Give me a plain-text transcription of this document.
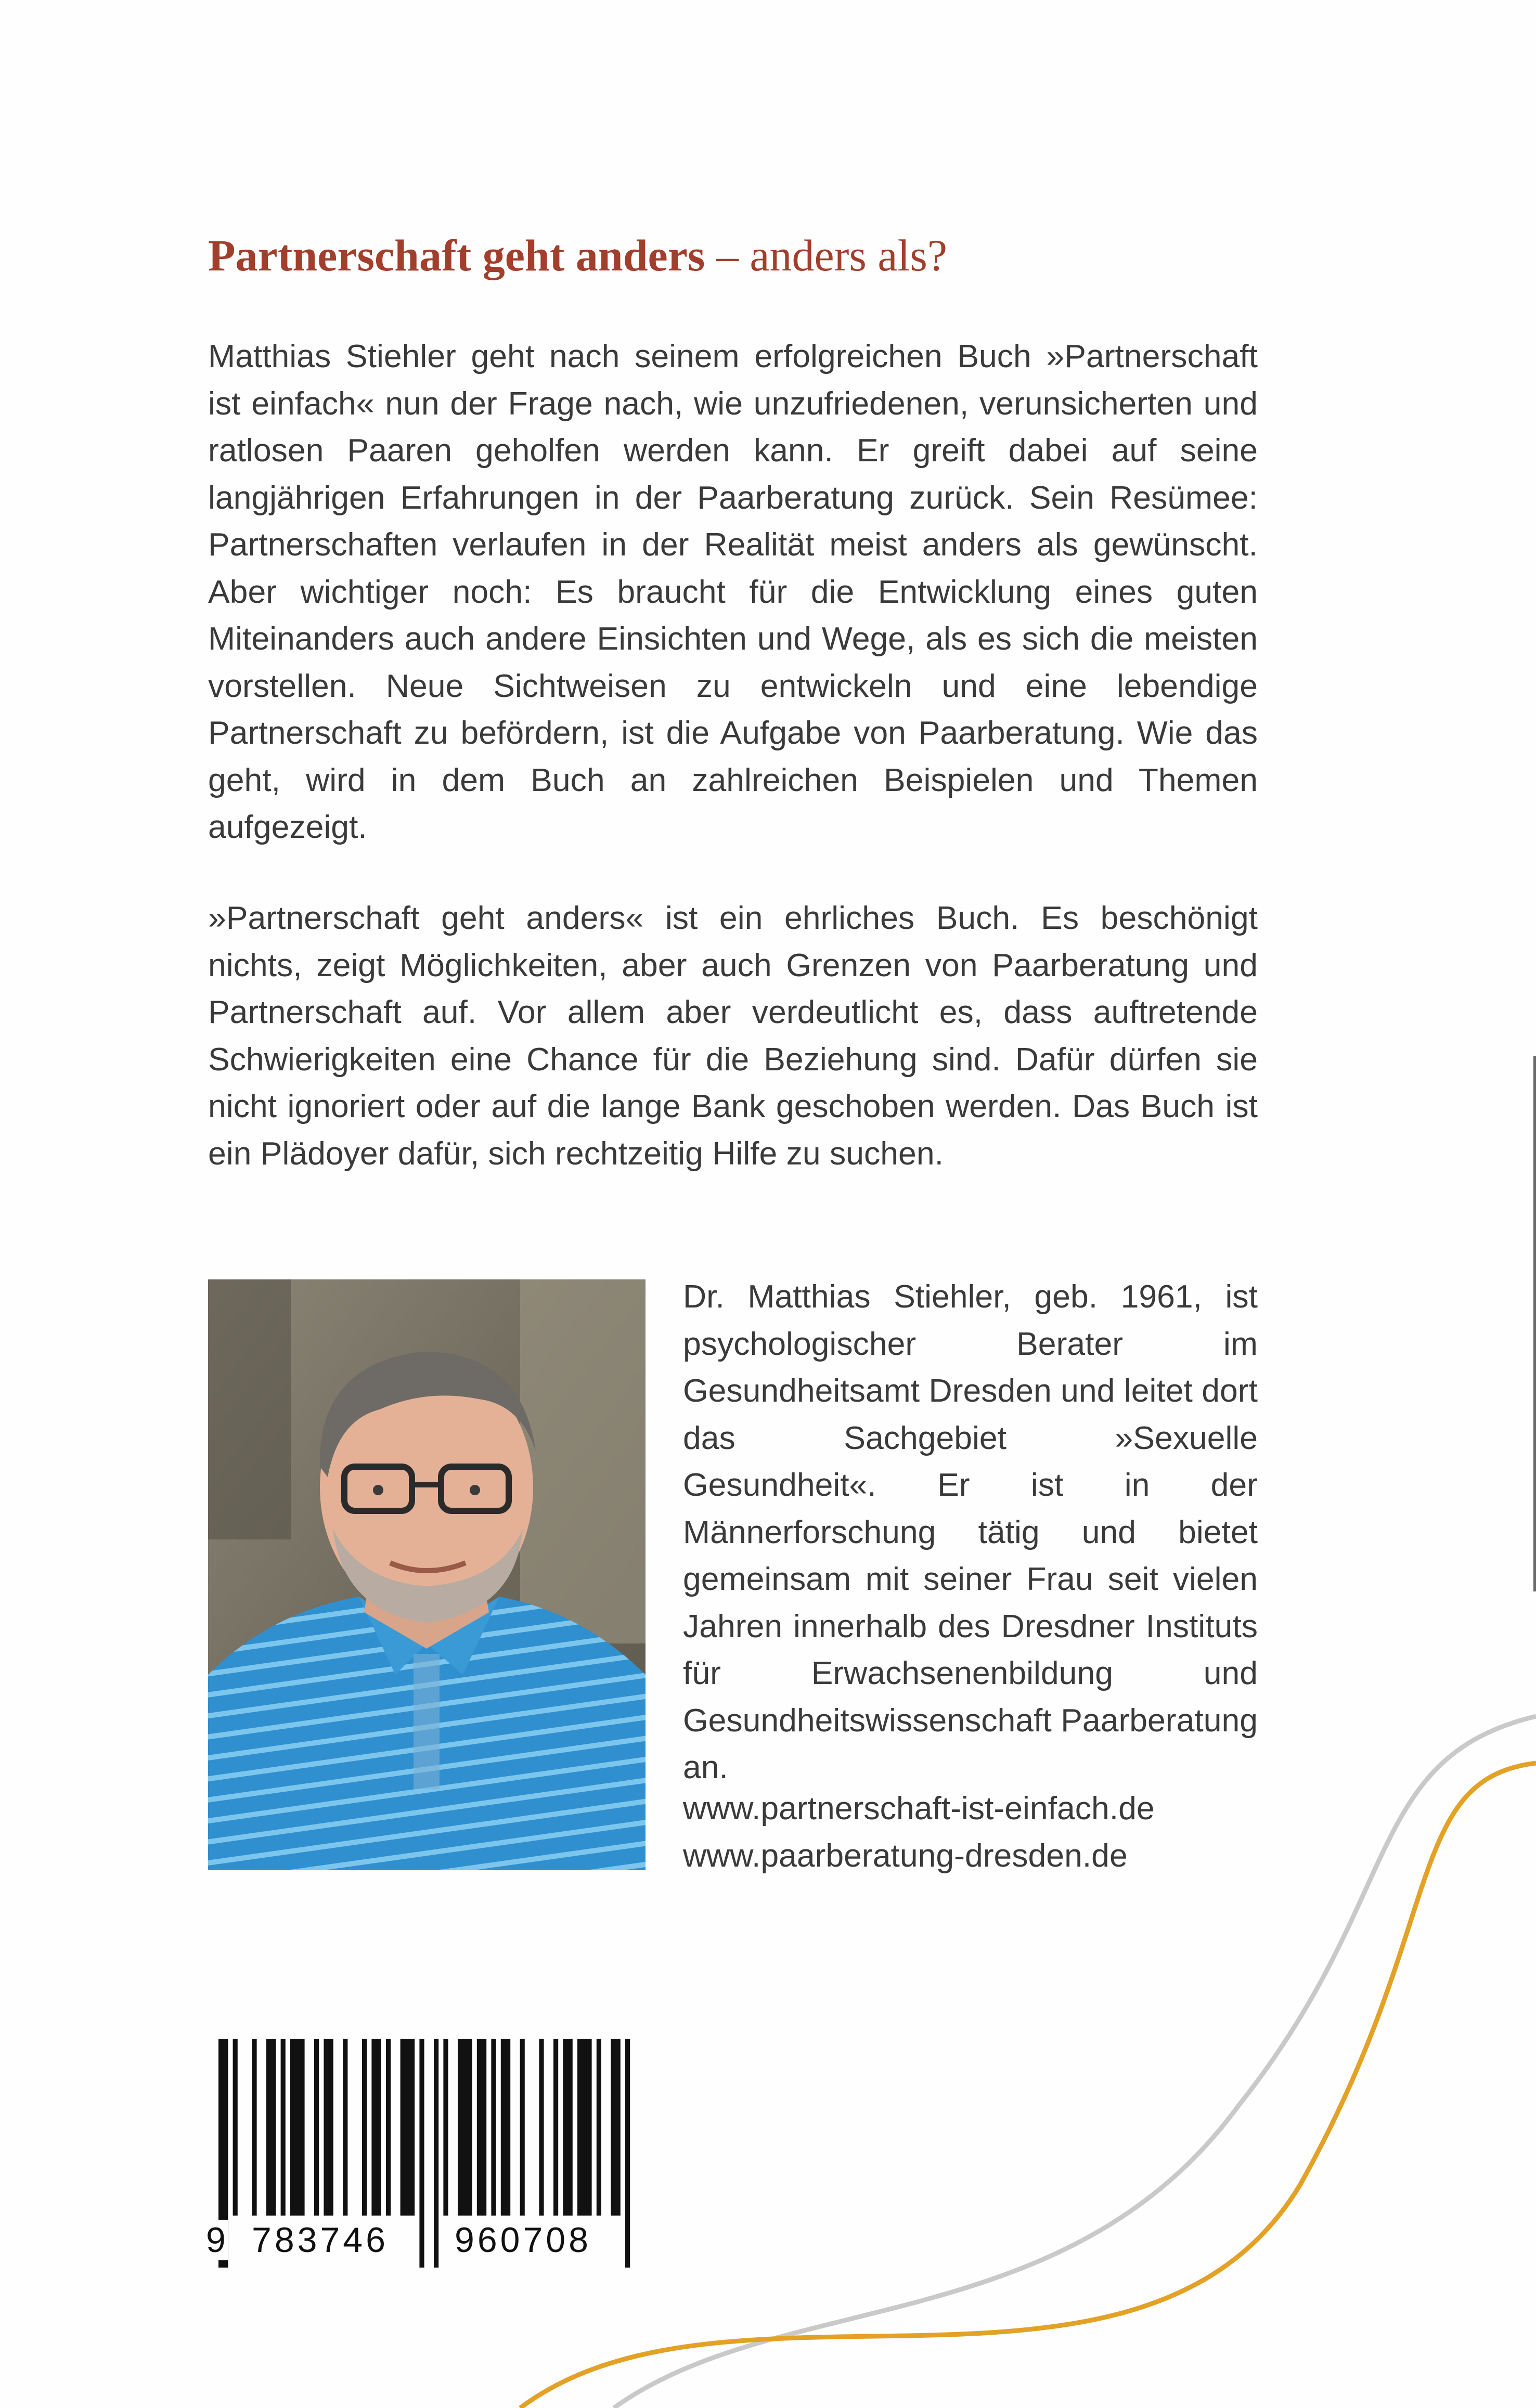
Partnerschaft geht anders – anders als?

Matthias Stiehler geht nach seinem erfolgreichen Buch »Partnerschaft ist einfach« nun der Frage nach, wie unzufriedenen, verunsicherten und ratlosen Paaren geholfen werden kann. Er greift dabei auf seine langjährigen Erfahrungen in der Paarberatung zurück. Sein Resümee: Partnerschaften verlaufen in der Realität meist anders als gewünscht. Aber wichtiger noch: Es braucht für die Entwicklung eines guten Miteinanders auch andere Einsichten und Wege, als es sich die meisten vorstellen. Neue Sichtweisen zu entwickeln und eine lebendige Partnerschaft zu befördern, ist die Aufgabe von Paarberatung. Wie das geht, wird in dem Buch an zahlreichen Beispielen und Themen aufgezeigt.

»Partnerschaft geht anders« ist ein ehrliches Buch. Es beschönigt nichts, zeigt Möglichkeiten, aber auch Grenzen von Paarberatung und Partnerschaft auf. Vor allem aber verdeutlicht es, dass auftretende Schwierigkeiten eine Chance für die Beziehung sind. Dafür dürfen sie nicht ignoriert oder auf die lange Bank geschoben werden. Das Buch ist ein Plädoyer dafür, sich rechtzeitig Hilfe zu suchen.

Dr. Matthias Stiehler, geb. 1961, ist psychologischer Berater im Gesundheitsamt Dresden und leitet dort das Sachgebiet »Sexuelle Gesundheit«. Er ist in der Männerforschung tätig und bietet gemeinsam mit seiner Frau seit vielen Jahren innerhalb des Dresdner Instituts für Erwachsenenbildung und Gesundheitswissenschaft Paarberatung an.

www.partnerschaft-ist-einfach.de
www.paarberatung-dresden.de
9 783746 960708
